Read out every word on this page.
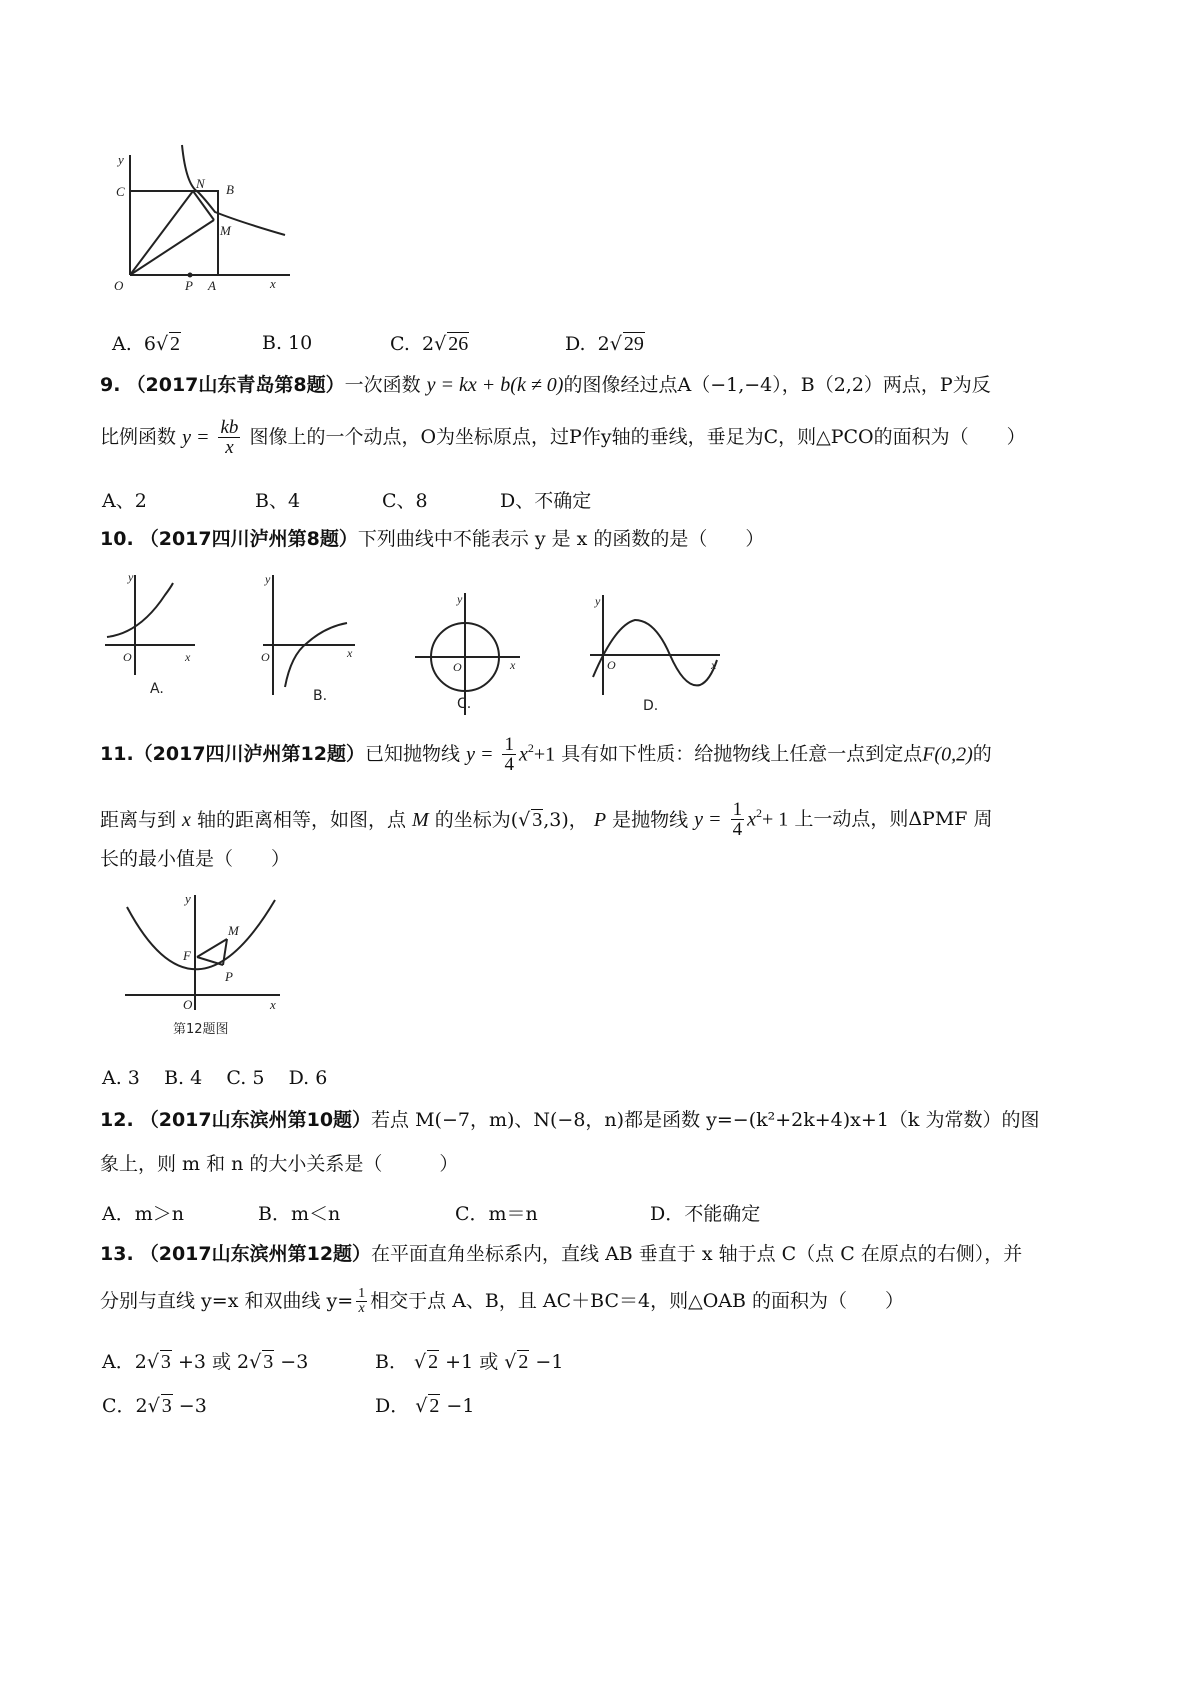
y
C
N B
M
O	P A	x
A.  6√ 2	B. 10	C.  2√ 26	D.  2√ 29
9. （2017山东青岛第8题）一次函数 y = kx + b(k ≠ 0)的图像经过点A（−1,−4），B（2,2）两点，P为反
比例函数 $y = \frac{kb}{x}$ 图像上的一个动点，O为坐标原点，过P作y轴的垂线，垂足为C，则△PCO的面积为（　　）
A、2	B、4	C、8	D、不确定
10. （2017四川泸州第8题）下列曲线中不能表示 y 是 x 的函数的是（　　）
y
O	x
y
O	x
y
O	x
y
O	x
A.	B.	C.	D.
11.（2017四川泸州第12题）已知抛物线 $y = \frac{1}{4} x^2+1$ 具有如下性质：给抛物线上任意一点到定点F(0,2)的
距离与到 x 轴的距离相等，如图，点 M 的坐标为(√ 3,3)， P 是抛物线 $y = \frac{1}{4} x^2+ 1$ 上一动点，则ΔPMF 周
长的最小值是（　　）
y
M
F
P
O	x
第12题图
A. 3 B. 4 C. 5 D. 6
12. （2017山东滨州第10题）若点 M(−7，m)、N(−8，n)都是函数 y=−(k²+2k+4)x+1（k 为常数）的图
象上，则 m 和 n 的大小关系是（　　　）
A．m＞n	B．m＜n	C．m＝n	D．不能确定
13. （2017山东滨州第12题）在平面直角坐标系内，直线 AB 垂直于 x 轴于点 C（点 C 在原点的右侧），并
分别与直线 y=x 和双曲线 $y= \frac{1}{x}$ 相交于点 A、B，且 AC＋BC＝4，则△OAB 的面积为（　　）
A．2√ 3 +3 或 2√ 3 −3	B． √ 2 +1 或 √ 2 −1
C．2√ 3 −3	D． √ 2 −1
